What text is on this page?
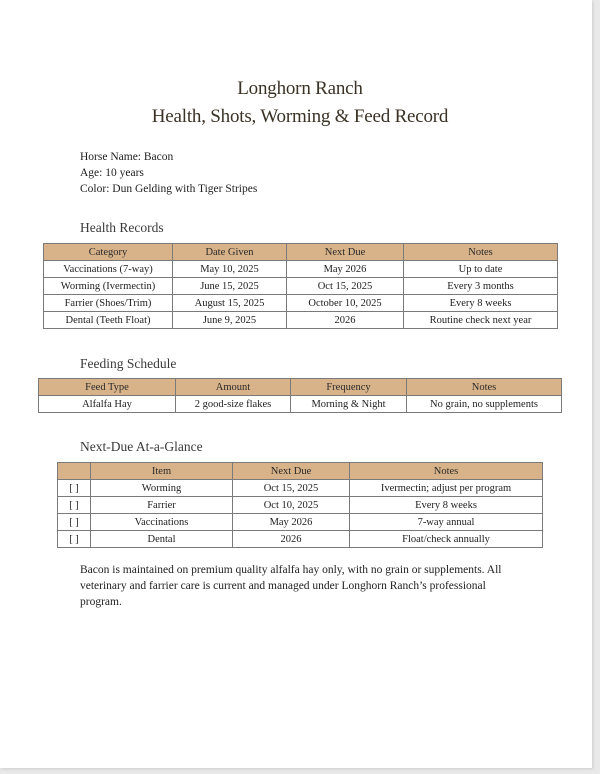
Longhorn Ranch
Health, Shots, Worming & Feed Record
Horse Name: Bacon
Age: 10 years
Color: Dun Gelding with Tiger Stripes
Health Records
Category	Date Given	Next Due	Notes
Vaccinations (7-way)	May 10, 2025	May 2026	Up to date
Worming (Ivermectin)	June 15, 2025	Oct 15, 2025	Every 3 months
Farrier (Shoes/Trim)	August 15, 2025	October 10, 2025	Every 8 weeks
Dental (Teeth Float)	June 9, 2025	2026	Routine check next year
Feeding Schedule
Feed Type	Amount	Frequency	Notes
Alfalfa Hay	2 good-size flakes	Morning & Night	No grain, no supplements
Next-Due At-a-Glance
	Item	Next Due	Notes
[ ]	Worming	Oct 15, 2025	Ivermectin; adjust per program
[ ]	Farrier	Oct 10, 2025	Every 8 weeks
[ ]	Vaccinations	May 2026	7-way annual
[ ]	Dental	2026	Float/check annually
Bacon is maintained on premium quality alfalfa hay only, with no grain or supplements. All veterinary and farrier care is current and managed under Longhorn Ranch’s professional program.
